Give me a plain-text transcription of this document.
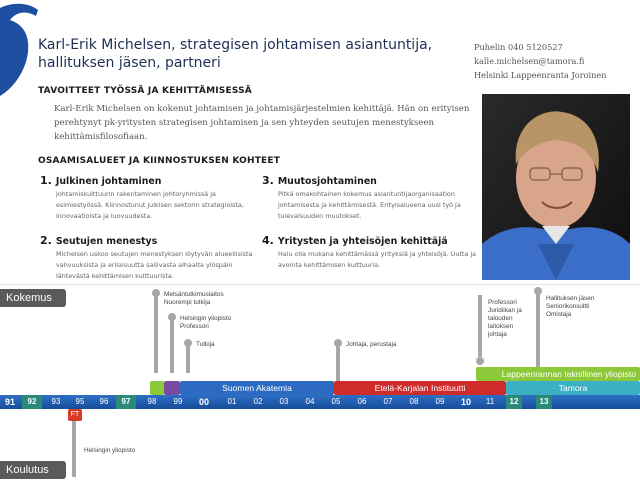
Karl-Erik Michelsen, strategisen johtamisen asiantuntija, hallituksen jäsen, partneri
Puhelin 040 5120527
kalle.michelsen@tamora.fi
Helsinki Lappeenranta Joroinen
TAVOITTEET TYÖSSÄ JA KEHITTÄMISESSÄ
Karl-Erik Michelsen on kokenut johtamisen ja johtamisjärjestelmien kehittäjä. Hän on erityisen perehtynyt pk-yritysten strategisen johtamisen ja sen yhteyden seutujen menestykseen kehittämisfilosofiaan.
OSAAMISALUEET JA KIINNOSTUKSEN KOHTEET
1. Julkinen johtaminen
Johtamiskulttuurin rakentaminen johtoryhmissä ja esimiestyössä. Kiinnostunut julkisen sektorin strategioista, innovaatioista ja luovuudesta.
2. Seutujen menestys
Michelsen uskoo seutujen menestyksen löytyvän alueellisista vahvuuksista ja erilaisuutta sallivasta alhaalta ylöspäin lähtevästä kehittämisen kulttuurista.
3. Muutosjohtaminen
Pitkä omakohtainen kokemus asiantuntijaorganisaation johtamisesta ja kehittämisestä. Erityisalueena uusi työ ja tulevaisuuden muutokset.
4. Yritysten ja yhteisöjen kehittäjä
Halu olla mukana kehittämässä yrityksiä ja yhteisöjä. Uutta ja avointa kehittämisen kulttuuria.
Kokemus	Metsäntutkimuslaitos
Nuorempi tutkija
Helsingin yliopisto
Professori
Tutkija	Johtaja, perustaja
Professori
Juridiikan ja
talouden
laitoksen
johtaja
Hallituksen jäsen
Seniorikonsultti
Omistaja
Helsingin yliopisto
Lappeenrannan teknillinen yliopisto
Suomen Akatemia	Etelä-Karjalan Instituutti	Tamora
91	92	93	95	96	97	98	99	00	01	02	03	04	05	06	07	08	09	10	11	12	13
FT
Koulutus
